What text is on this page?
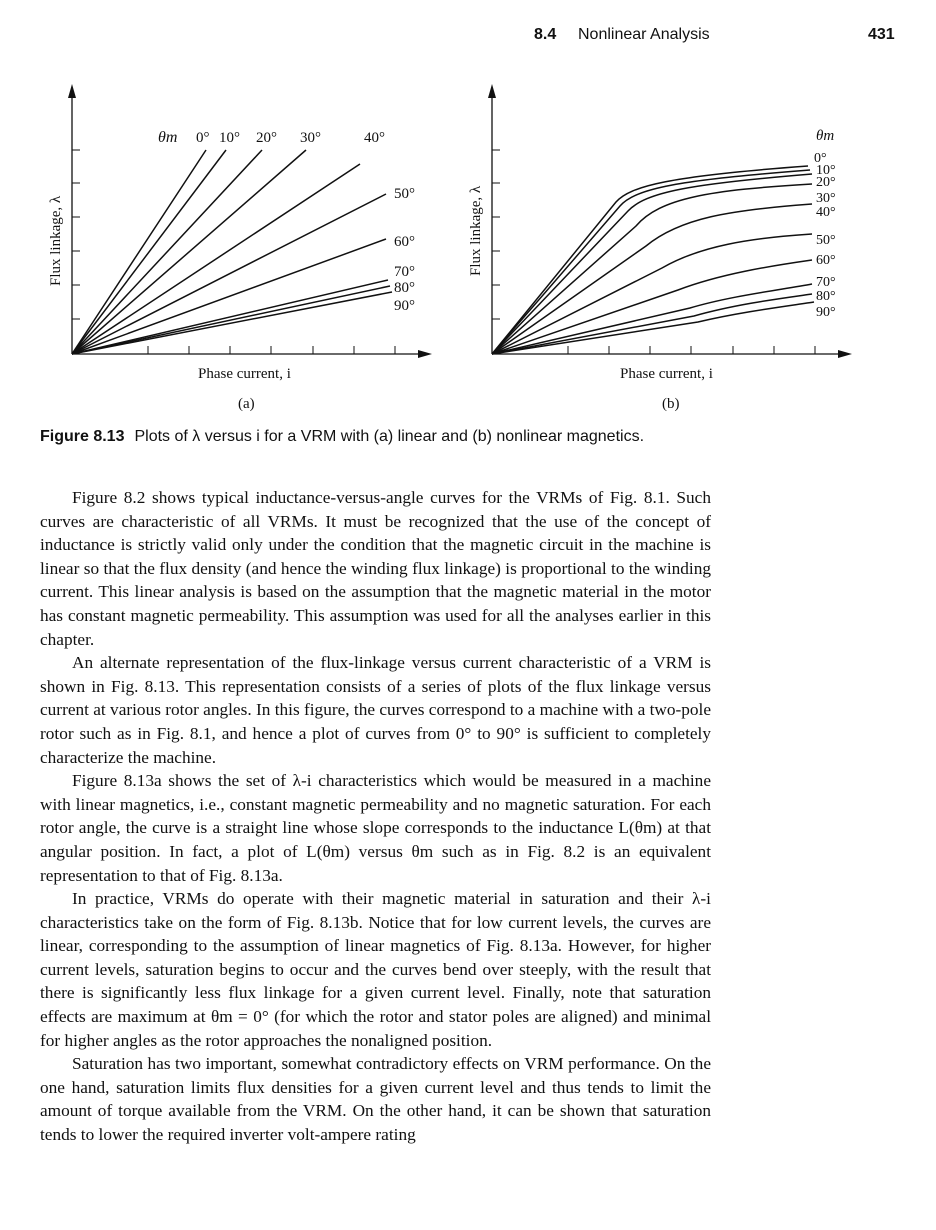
8.4 Nonlinear Analysis	431
θm 0° 10° 20° 30°	40°
50°
60°
70°
80°
90°
Flux linkage, λ
Phase current, i
(a)
θm
0°
10°
20°
30°
40°
50°
60°
70°
80°
90°
Flux linkage, λ
Phase current, i
(b)
Figure 8.13 Plots of λ versus i for a VRM with (a) linear and (b) nonlinear magnetics.

Figure 8.2 shows typical inductance-versus-angle curves for the VRMs of Fig. 8.1. Such curves are characteristic of all VRMs. It must be recognized that the use of the concept of inductance is strictly valid only under the condition that the magnetic circuit in the machine is linear so that the flux density (and hence the winding flux linkage) is proportional to the winding current. This linear analysis is based on the assumption that the magnetic material in the motor has constant magnetic permeability. This assumption was used for all the analyses earlier in this chapter.

An alternate representation of the flux-linkage versus current characteristic of a VRM is shown in Fig. 8.13. This representation consists of a series of plots of the flux linkage versus current at various rotor angles. In this figure, the curves correspond to a machine with a two-pole rotor such as in Fig. 8.1, and hence a plot of curves from 0° to 90° is sufficient to completely characterize the machine.

Figure 8.13a shows the set of λ-i characteristics which would be measured in a machine with linear magnetics, i.e., constant magnetic permeability and no magnetic saturation. For each rotor angle, the curve is a straight line whose slope corresponds to the inductance L(θm) at that angular position. In fact, a plot of L(θm) versus θm such as in Fig. 8.2 is an equivalent representation to that of Fig. 8.13a.

In practice, VRMs do operate with their magnetic material in saturation and their λ-i characteristics take on the form of Fig. 8.13b. Notice that for low current levels, the curves are linear, corresponding to the assumption of linear magnetics of Fig. 8.13a. However, for higher current levels, saturation begins to occur and the curves bend over steeply, with the result that there is significantly less flux linkage for a given current level. Finally, note that saturation effects are maximum at θm = 0° (for which the rotor and stator poles are aligned) and minimal for higher angles as the rotor approaches the nonaligned position.

Saturation has two important, somewhat contradictory effects on VRM performance. On the one hand, saturation limits flux densities for a given current level and thus tends to limit the amount of torque available from the VRM. On the other hand, it can be shown that saturation tends to lower the required inverter volt-ampere rating
